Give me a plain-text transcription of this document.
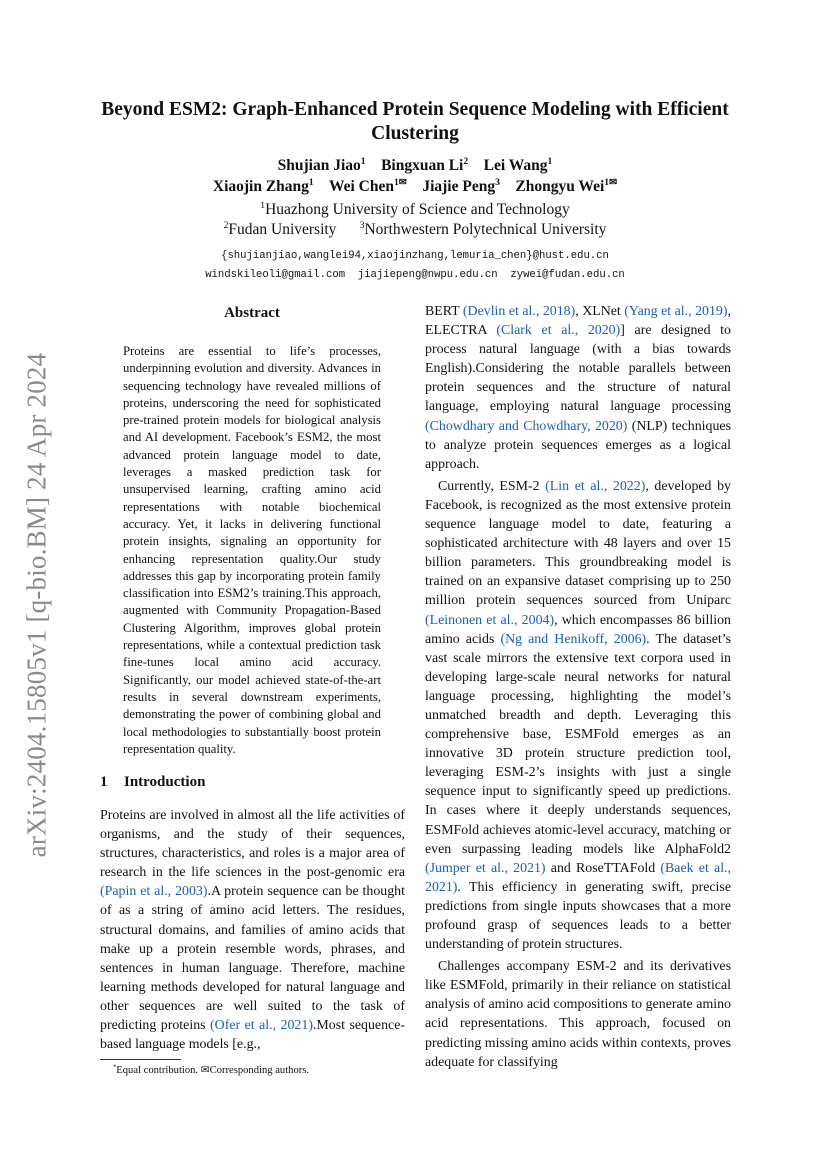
arXiv:2404.15805v1 [q-bio.BM] 24 Apr 2024
Beyond ESM2: Graph-Enhanced Protein Sequence Modeling with Efficient
Clustering
Shujian Jiao$^1$ Bingxuan Li$^2$ Lei Wang$^1$
Xiaojin Zhang$^1$ Wei Chen$^{1✉}$ Jiajie Peng$^3$ Zhongyu Wei$^{1✉}$
$^1$Huazhong University of Science and Technology
$^2$Fudan University $^3$Northwestern Polytechnical University
{shujianjiao,wanglei94,xiaojinzhang,lemuria_chen}@hust.edu.cn
windskileoli@gmail.com  jiajiepeng@nwpu.edu.cn  zywei@fudan.edu.cn
Abstract
Proteins are essential to life’s processes, underpinning evolution and diversity. Advances in sequencing technology have revealed millions of proteins, underscoring the need for sophisticated pre-trained protein models for biological analysis and AI development. Facebook’s ESM2, the most advanced protein language model to date, leverages a masked prediction task for unsupervised learning, crafting amino acid representations with notable biochemical accuracy. Yet, it lacks in delivering functional protein insights, signaling an opportunity for enhancing representation quality.Our study addresses this gap by incorporating protein family classification into ESM2’s training.This approach, augmented with Community Propagation-Based Clustering Algorithm, improves global protein representations, while a contextual prediction task fine-tunes local amino acid accuracy. Significantly, our model achieved state-of-the-art results in several downstream experiments, demonstrating the power of combining global and local methodologies to substantially boost protein representation quality.
1 Introduction

Proteins are involved in almost all the life activities of organisms, and the study of their sequences, structures, characteristics, and roles is a major area of research in the life sciences in the post-genomic era (Papin et al., 2003).A protein sequence can be thought of as a string of amino acid letters. The residues, structural domains, and families of amino acids that make up a protein resemble words, phrases, and sentences in human language. Therefore, machine learning methods developed for natural language and other sequences are well suited to the task of predicting proteins (Ofer et al., 2021).Most sequence-based language models [e.g.,

BERT (Devlin et al., 2018), XLNet (Yang et al., 2019), ELECTRA (Clark et al., 2020)] are designed to process natural language (with a bias towards English).Considering the notable parallels between protein sequences and the structure of natural language, employing natural language processing (Chowdhary and Chowdhary, 2020) (NLP) techniques to analyze protein sequences emerges as a logical approach.

Currently, ESM-2 (Lin et al., 2022), developed by Facebook, is recognized as the most extensive protein sequence language model to date, featuring a sophisticated architecture with 48 layers and over 15 billion parameters. This groundbreaking model is trained on an expansive dataset comprising up to 250 million protein sequences sourced from Uniparc (Leinonen et al., 2004), which encompasses 86 billion amino acids (Ng and Henikoff, 2006). The dataset’s vast scale mirrors the extensive text corpora used in developing large-scale neural networks for natural language processing, highlighting the model’s unmatched breadth and depth. Leveraging this comprehensive base, ESMFold emerges as an innovative 3D protein structure prediction tool, leveraging ESM-2’s insights with just a single sequence input to significantly speed up predictions. In cases where it deeply understands sequences, ESMFold achieves atomic-level accuracy, matching or even surpassing leading models like AlphaFold2 (Jumper et al., 2021) and RoseTTAFold (Baek et al., 2021). This efficiency in generating swift, precise predictions from single inputs showcases that a more profound grasp of sequences leads to a better understanding of protein structures.

Challenges accompany ESM-2 and its derivatives like ESMFold, primarily in their reliance on statistical analysis of amino acid compositions to generate amino acid representations. This approach, focused on predicting missing amino acids within contexts, proves adequate for classifying

*Equal contribution. ✉Corresponding authors.
